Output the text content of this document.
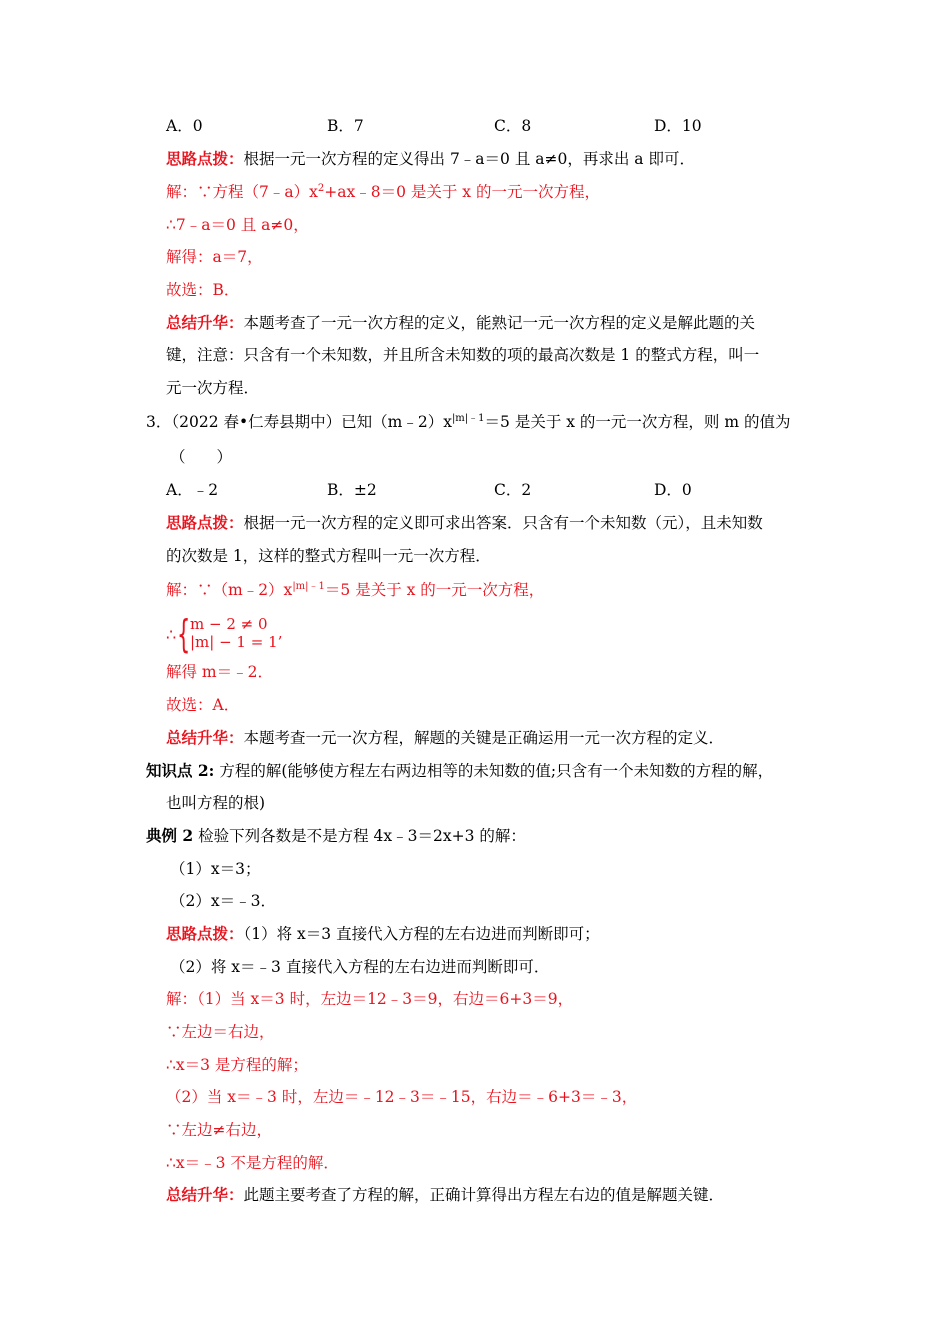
A．0	B．7	C．8	D．10
思路点拨：根据一元一次方程的定义得出 7﹣a＝0 且 a≠0，再求出 a 即可．
解：∵方程$(7﹣a)x^2+ax﹣8=0$ 是关于 x 的一元一次方程，
∴7﹣a＝0 且 a≠0，
解得：a＝7，
故选：B．
总结升华：本题考查了一元一次方程的定义，能熟记一元一次方程的定义是解此题的关
键，注意：只含有一个未知数，并且所含未知数的项的最高次数是 1 的整式方程，叫一
元一次方程．
3．（2022 春•仁寿县期中）已知$(m﹣2)x^{|m|﹣1}=5$ 是关于 x 的一元一次方程，则 m 的值为
（　　）
A．﹣2	B．±2	C．2	D．0
思路点拨：根据一元一次方程的定义即可求出答案．只含有一个未知数（元），且未知数
的次数是 1，这样的整式方程叫一元一次方程．
解：$\because(m﹣2)x^{|m|﹣1}=5$ 是关于 x 的一元一次方程，
∴ { m − 2 ≠ 0
|m| − 1 = 1’
解得 m＝﹣2．
故选：A．
总结升华：本题考查一元一次方程，解题的关键是正确运用一元一次方程的定义．
知识点 2: 方程的解(能够使方程左右两边相等的未知数的值;只含有一个未知数的方程的解，
也叫方程的根)
典例 2 检验下列各数是不是方程 4x﹣3＝2x+3 的解：
（1）x＝3；
（2）x＝﹣3．
思路点拨：（1）将 x＝3 直接代入方程的左右边进而判断即可；
（2）将 x＝﹣3 直接代入方程的左右边进而判断即可．
解：（1）当 x＝3 时，左边＝12﹣3＝9，右边＝6+3＝9，
∵左边＝右边，
∴x＝3 是方程的解；
（2）当 x＝﹣3 时，左边＝﹣12﹣3＝﹣15，右边＝﹣6+3＝﹣3，
∵左边≠右边，
∴x＝﹣3 不是方程的解．
总结升华：此题主要考查了方程的解，正确计算得出方程左右边的值是解题关键．
